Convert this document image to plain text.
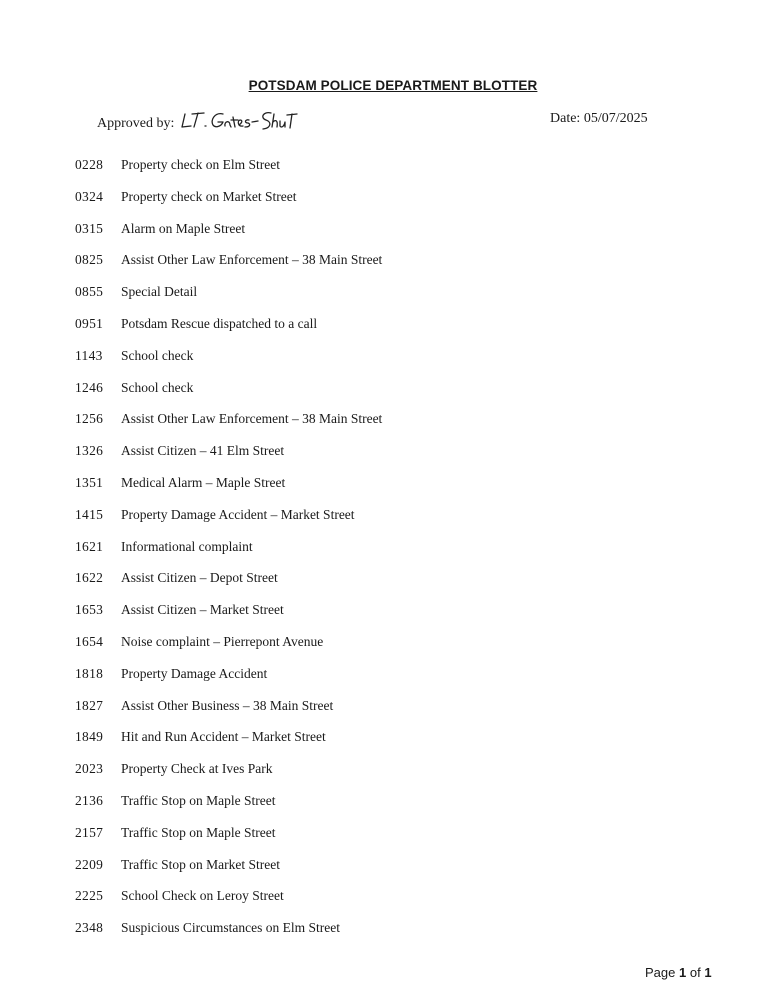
POTSDAM POLICE DEPARTMENT BLOTTER
Approved by:	Date: 05/07/2025
0228 Property check on Elm Street
0324 Property check on Market Street
0315 Alarm on Maple Street
0825 Assist Other Law Enforcement – 38 Main Street
0855 Special Detail
0951 Potsdam Rescue dispatched to a call
1143 School check
1246 School check
1256 Assist Other Law Enforcement – 38 Main Street
1326 Assist Citizen – 41 Elm Street
1351 Medical Alarm – Maple Street
1415 Property Damage Accident – Market Street
1621 Informational complaint
1622 Assist Citizen – Depot Street
1653 Assist Citizen – Market Street
1654 Noise complaint – Pierrepont Avenue
1818 Property Damage Accident
1827 Assist Other Business – 38 Main Street
1849 Hit and Run Accident – Market Street
2023 Property Check at Ives Park
2136 Traffic Stop on Maple Street
2157 Traffic Stop on Maple Street
2209 Traffic Stop on Market Street
2225 School Check on Leroy Street
2348 Suspicious Circumstances on Elm Street
Page 1 of 1
